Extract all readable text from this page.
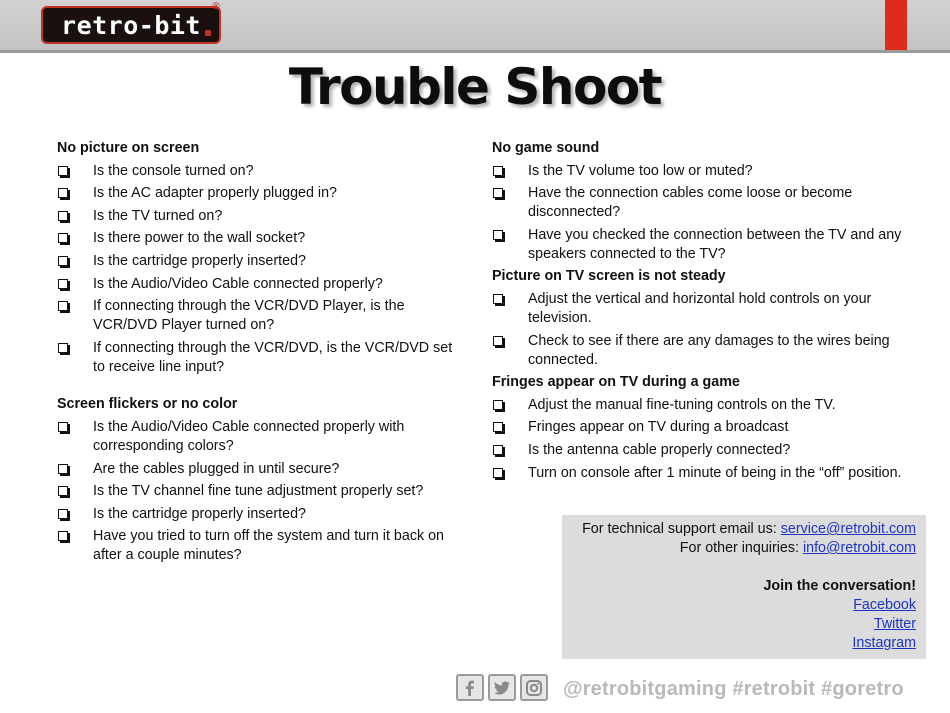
retro-bit
®
Trouble Shoot
No picture on screen
Is the console turned on?
Is the AC adapter properly plugged in?
Is the TV turned on?
Is there power to the wall socket?
Is the cartridge properly inserted?
Is the Audio/Video Cable connected properly?
If connecting through the VCR/DVD Player, is the VCR/DVD Player turned on?
If connecting through the VCR/DVD, is the VCR/DVD set to receive line input?
Screen flickers or no color
Is the Audio/Video Cable connected properly with corresponding colors?
Are the cables plugged in until secure?
Is the TV channel fine tune adjustment properly set?
Is the cartridge properly inserted?
Have you tried to turn off the system and turn it back on after a couple minutes?
No game sound
Is the TV volume too low or muted?
Have the connection cables come loose or become disconnected?
Have you checked the connection between the TV and any speakers connected to the TV?
Picture on TV screen is not steady
Adjust the vertical and horizontal hold controls on your television.
Check to see if there are any damages to the wires being connected.
Fringes appear on TV during a game
Adjust the manual fine-tuning controls on the TV.
Fringes appear on TV during a broadcast
Is the antenna cable properly connected?
Turn on console after 1 minute of being in the “off” position.
For technical support email us: service@retrobit.com
For other inquiries: info@retrobit.com
Join the conversation!
Facebook
Twitter
Instagram
@retrobitgaming #retrobit #goretro
